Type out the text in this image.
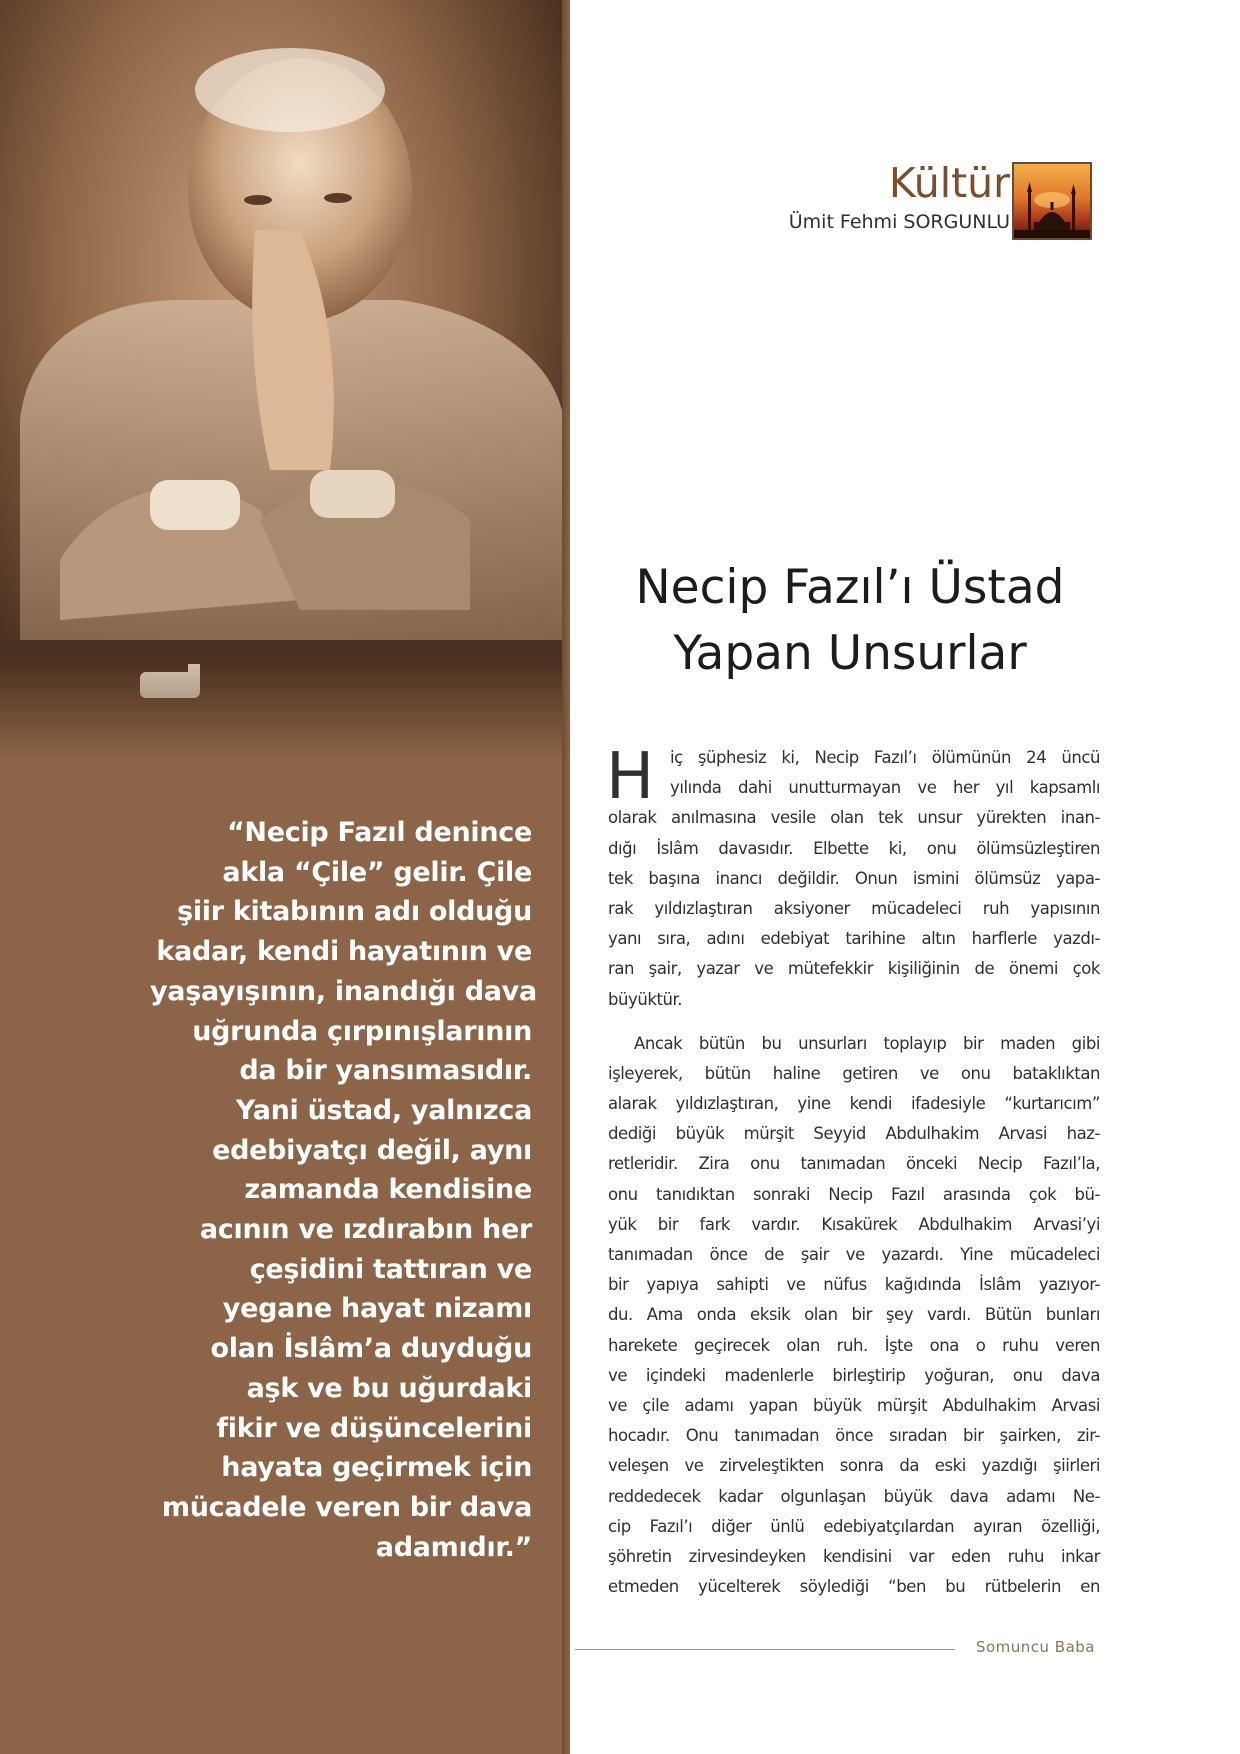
“Necip Fazıl denince
akla “Çile” gelir. Çile
şiir kitabının adı olduğu
kadar, kendi hayatının ve
yaşayışının, inandığı dava
uğrunda çırpınışlarının
da bir yansımasıdır.
Yani üstad, yalnızca
edebiyatçı değil, aynı
zamanda kendisine
acının ve ızdırabın her
çeşidini tattıran ve
yegane hayat nizamı
olan İslâm’a duyduğu
aşk ve bu uğurdaki
fikir ve düşüncelerini
hayata geçirmek için
mücadele veren bir dava
adamıdır.”
Kültür
Ümit Fehmi SORGUNLU
Necip Fazıl’ı Üstad
Yapan Unsurlar
H iç şüphesiz ki, Necip Fazıl’ı ölümünün 24 üncü
yılında dahi unutturmayan ve her yıl kapsamlı
olarak anılmasına vesile olan tek unsur yürekten inan-
dığı İslâm davasıdır. Elbette ki, onu ölümsüzleştiren
tek başına inancı değildir. Onun ismini ölümsüz yapa-
rak yıldızlaştıran aksiyoner mücadeleci ruh yapısının
yanı sıra, adını edebiyat tarihine altın harflerle yazdı-
ran şair, yazar ve mütefekkir kişiliğinin de önemi çok
büyüktür.
Ancak bütün bu unsurları toplayıp bir maden gibi
işleyerek, bütün haline getiren ve onu bataklıktan
alarak yıldızlaştıran, yine kendi ifadesiyle “kurtarıcım”
dediği büyük mürşit Seyyid Abdulhakim Arvasi haz-
retleridir. Zira onu tanımadan önceki Necip Fazıl’la,
onu tanıdıktan sonraki Necip Fazıl arasında çok bü-
yük bir fark vardır. Kısakürek Abdulhakim Arvasi’yi
tanımadan önce de şair ve yazardı. Yine mücadeleci
bir yapıya sahipti ve nüfus kağıdında İslâm yazıyor-
du. Ama onda eksik olan bir şey vardı. Bütün bunları
harekete geçirecek olan ruh. İşte ona o ruhu veren
ve içindeki madenlerle birleştirip yoğuran, onu dava
ve çile adamı yapan büyük mürşit Abdulhakim Arvasi
hocadır. Onu tanımadan önce sıradan bir şairken, zir-
veleşen ve zirveleştikten sonra da eski yazdığı şiirleri
reddedecek kadar olgunlaşan büyük dava adamı Ne-
cip Fazıl’ı diğer ünlü edebiyatçılardan ayıran özelliği,
şöhretin zirvesindeyken kendisini var eden ruhu inkar
etmeden yücelterek söylediği “ben bu rütbelerin en
Somuncu Baba
